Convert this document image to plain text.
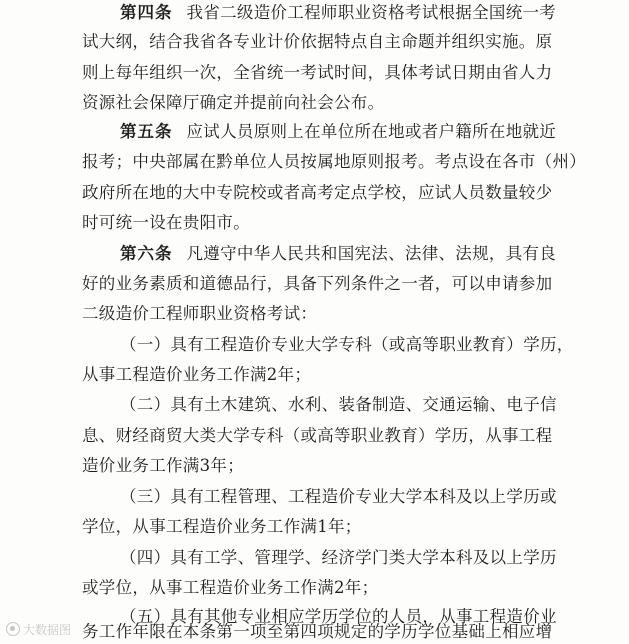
第四条 我省二级造价工程师职业资格考试根据全国统一考
试大纲，结合我省各专业计价依据特点自主命题并组织实施。原
则上每年组织一次，全省统一考试时间，具体考试日期由省人力
资源社会保障厅确定并提前向社会公布。
第五条 应试人员原则上在单位所在地或者户籍所在地就近
报考；中央部属在黔单位人员按属地原则报考。考点设在各市（州）
政府所在地的大中专院校或者高考定点学校，应试人员数量较少
时可统一设在贵阳市。
第六条 凡遵守中华人民共和国宪法、法律、法规，具有良
好的业务素质和道德品行，具备下列条件之一者，可以申请参加
二级造价工程师职业资格考试：
（一）具有工程造价专业大学专科（或高等职业教育）学历，
从事工程造价业务工作满2年；
（二）具有土木建筑、水利、装备制造、交通运输、电子信
息、财经商贸大类大学专科（或高等职业教育）学历，从事工程
造价业务工作满3年；
（三）具有工程管理、工程造价专业大学本科及以上学历或
学位，从事工程造价业务工作满1年；
（四）具有工学、管理学、经济学门类大学本科及以上学历
或学位，从事工程造价业务工作满2年；
（五）具有其他专业相应学历学位的人员，从事工程造价业
务工作年限在本条第一项至第四项规定的学历学位基础上相应增
大数据图
